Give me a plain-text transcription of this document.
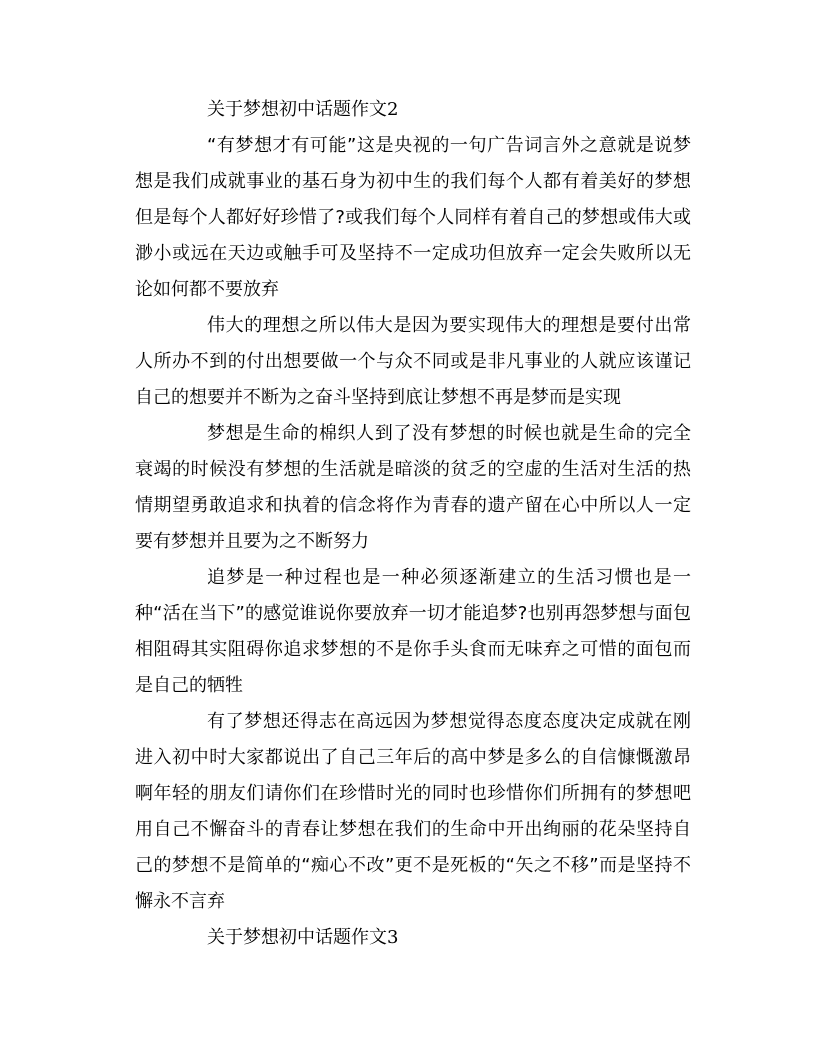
关于梦想初中话题作文2

“有梦想才有可能”这是央视的一句广告词言外之意就是说梦想是我们成就事业的基石身为初中生的我们每个人都有着美好的梦想但是每个人都好好珍惜了?或我们每个人同样有着自己的梦想或伟大或渺小或远在天边或触手可及坚持不一定成功但放弃一定会失败所以无论如何都不要放弃

伟大的理想之所以伟大是因为要实现伟大的理想是要付出常人所办不到的付出想要做一个与众不同或是非凡事业的人就应该谨记自己的想要并不断为之奋斗坚持到底让梦想不再是梦而是实现

梦想是生命的棉织人到了没有梦想的时候也就是生命的完全衰竭的时候没有梦想的生活就是暗淡的贫乏的空虚的生活对生活的热情期望勇敢追求和执着的信念将作为青春的遗产留在心中所以人一定要有梦想并且要为之不断努力

追梦是一种过程也是一种必须逐渐建立的生活习惯也是一种“活在当下”的感觉谁说你要放弃一切才能追梦?也别再怨梦想与面包相阻碍其实阻碍你追求梦想的不是你手头食而无味弃之可惜的面包而是自己的牺牲

有了梦想还得志在高远因为梦想觉得态度态度决定成就在刚进入初中时大家都说出了自己三年后的高中梦是多么的自信慷慨激昂啊年轻的朋友们请你们在珍惜时光的同时也珍惜你们所拥有的梦想吧用自己不懈奋斗的青春让梦想在我们的生命中开出绚丽的花朵坚持自己的梦想不是简单的“痴心不改”更不是死板的“矢之不移”而是坚持不懈永不言弃

关于梦想初中话题作文3
